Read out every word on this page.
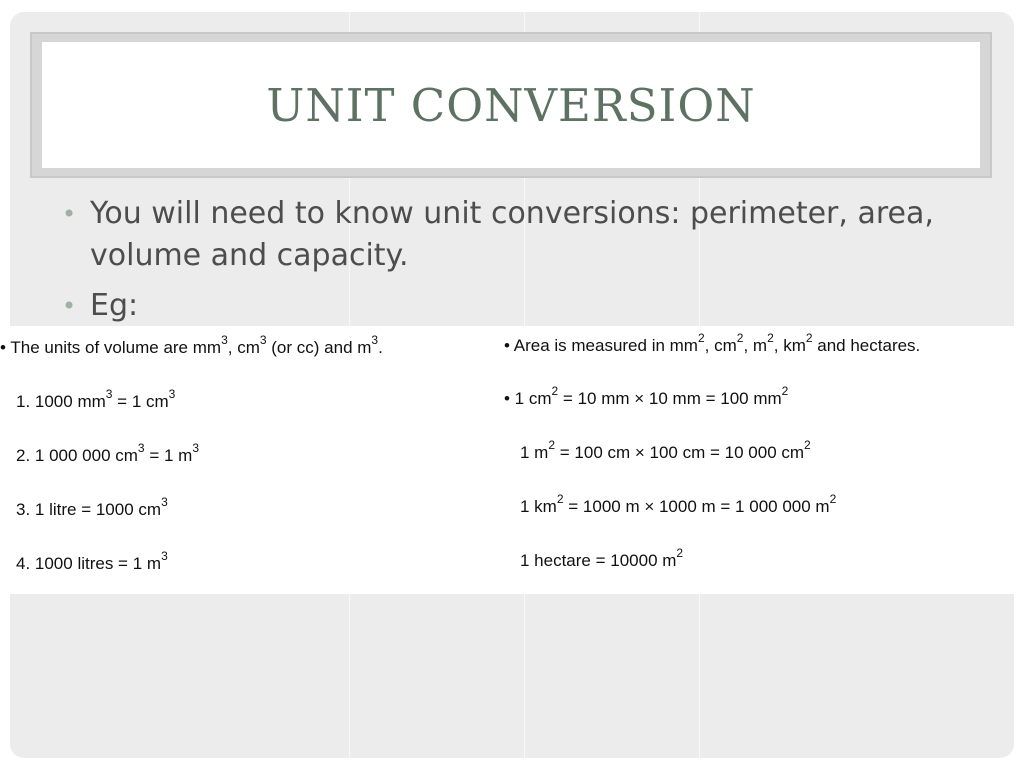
UNIT CONVERSION
• You will need to know unit conversions: perimeter, area, volume and capacity.
• Eg:
• The units of volume are $mm^3$, $cm^3$ (or cc) and $m^3$.
1. 1000 $mm^3 = 1$ $cm^3$
2. 1 000 000 $cm^3 = 1$ $m^3$
3. 1 litre = 1000 $cm^3$
4. 1000 litres = 1 $m^3$
• Area is measured in $mm^2$, $cm^2$, $m^2$, $km^2$ and hectares.
• 1 $cm^2 = 10$ mm × 10 mm = 100 $mm^2$
1 $m^2 = 100$ cm × 100 cm = 10 000 $cm^2$
1 $km^2 = 1000$ m × 1000 m = 1 000 000 $m^2$
1 hectare = 10000 $m^2$
